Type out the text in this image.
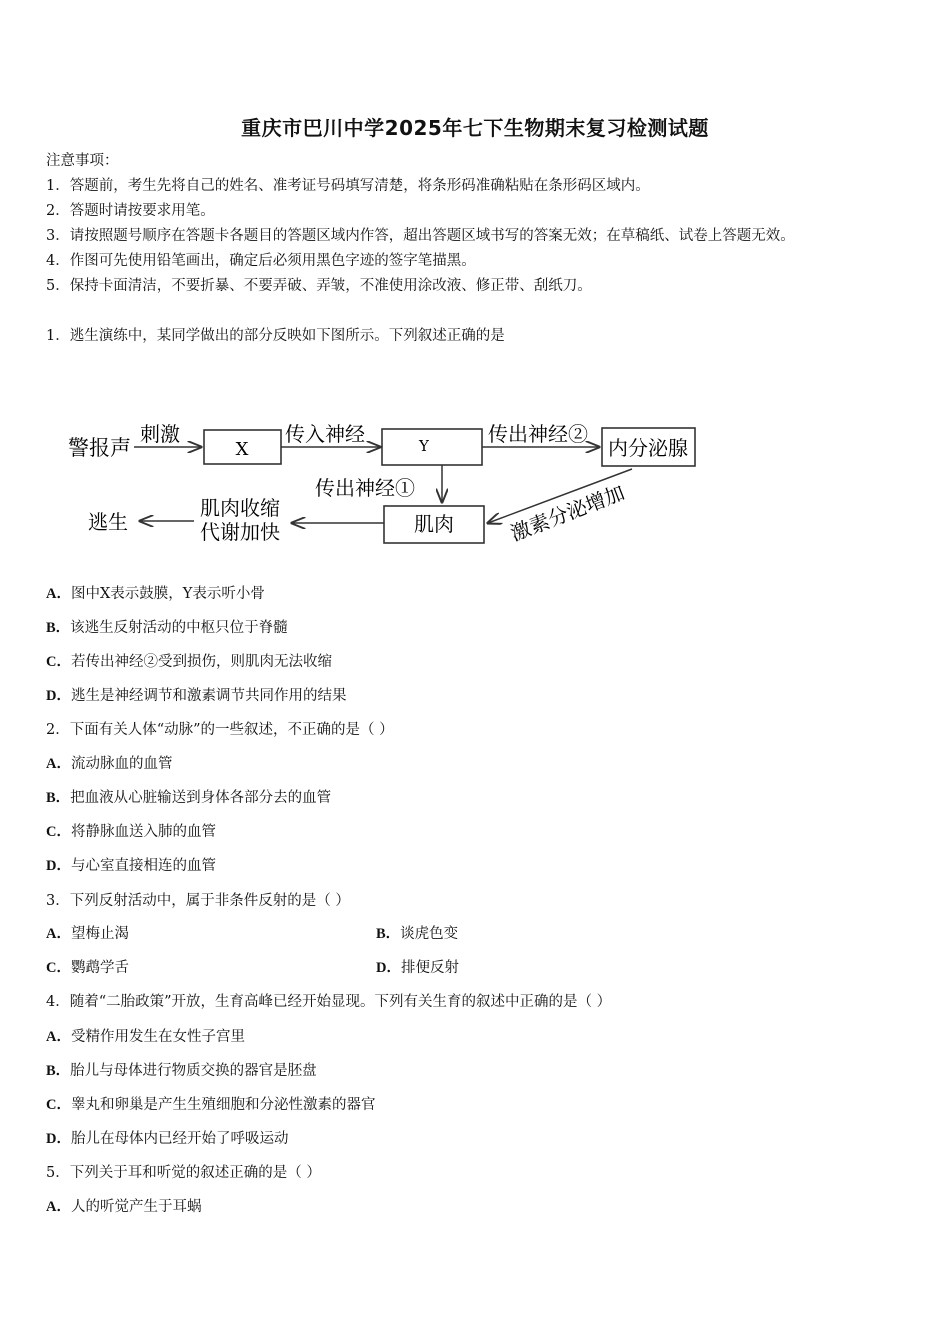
重庆市巴川中学2025年七下生物期末复习检测试题
注意事项：
1．答题前，考生先将自己的姓名、准考证号码填写清楚，将条形码准确粘贴在条形码区域内。
2．答题时请按要求用笔。
3．请按照题号顺序在答题卡各题目的答题区域内作答，超出答题区域书写的答案无效；在草稿纸、试卷上答题无效。
4．作图可先使用铅笔画出，确定后必须用黑色字迹的签字笔描黑。
5．保持卡面清洁，不要折暴、不要弄破、弄皱，不准使用涂改液、修正带、刮纸刀。
1．逃生演练中，某同学做出的部分反映如下图所示。下列叙述正确的是
警报声
刺激
X
传入神经	Y	传出神经②
内分泌腺
传出神经①	激素分泌增加
肌肉
肌肉收缩
代谢加快
逃生
A．图中X表示鼓膜，Y表示听小骨
B．该逃生反射活动的中枢只位于脊髓
C．若传出神经②受到损伤，则肌肉无法收缩
D．逃生是神经调节和激素调节共同作用的结果
2．下面有关人体“动脉”的一些叙述，不正确的是（ ）
A．流动脉血的血管
B．把血液从心脏输送到身体各部分去的血管
C．将静脉血送入肺的血管
D．与心室直接相连的血管
3．下列反射活动中，属于非条件反射的是（ ）
A．望梅止渴	B．谈虎色变
C．鹦鹉学舌	D．排便反射
4．随着“二胎政策”开放，生育高峰已经开始显现。下列有关生育的叙述中正确的是（ ）
A．受精作用发生在女性子宫里
B．胎儿与母体进行物质交换的器官是胚盘
C．睾丸和卵巢是产生生殖细胞和分泌性激素的器官
D．胎儿在母体内已经开始了呼吸运动
5．下列关于耳和听觉的叙述正确的是（ ）
A．人的听觉产生于耳蜗
